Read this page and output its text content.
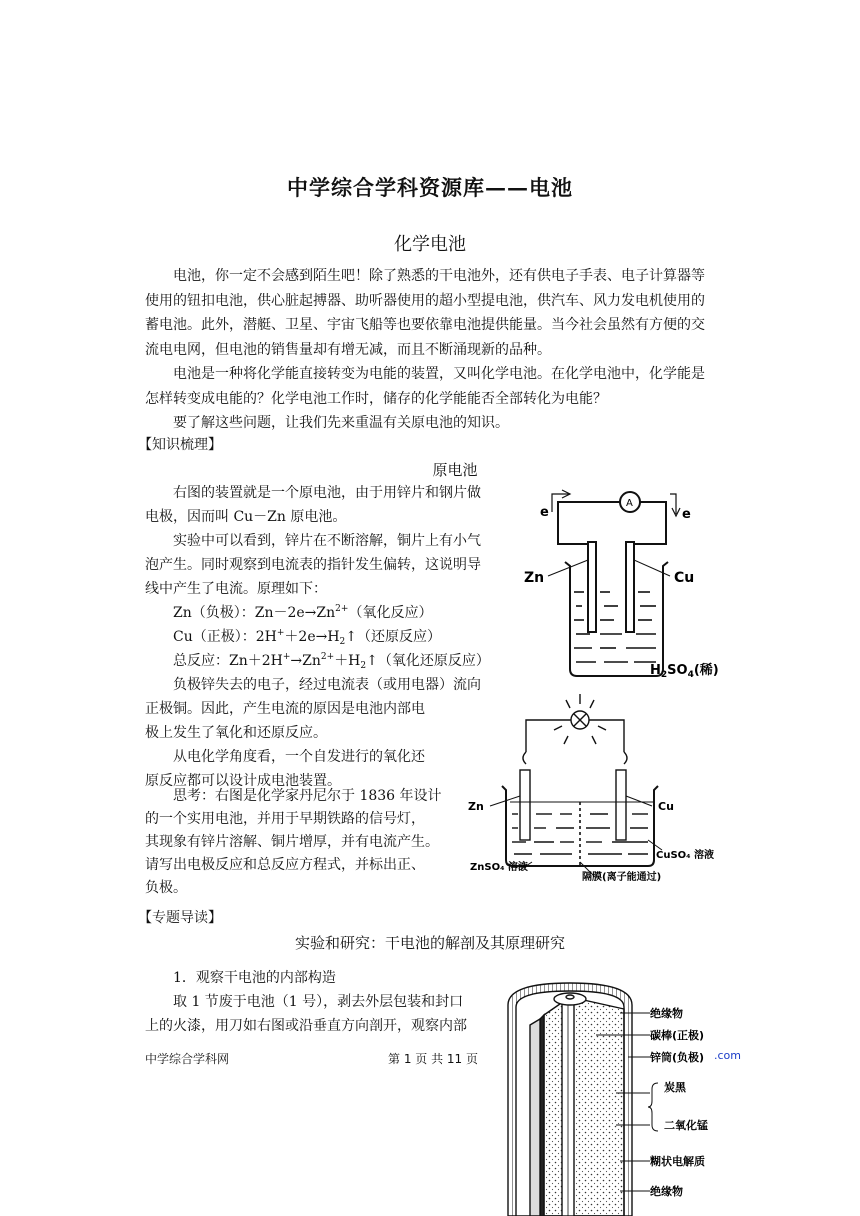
中学综合学科资源库——电池
化学电池

电池，你一定不会感到陌生吧！除了熟悉的干电池外，还有供电子手表、电子计算器等使用的钮扣电池，供心脏起搏器、助听器使用的超小型提电池，供汽车、风力发电机使用的蓄电池。此外，潜艇、卫星、宇宙飞船等也要依靠电池提供能量。当今社会虽然有方便的交流电电网，但电池的销售量却有增无减，而且不断涌现新的品种。

电池是一种将化学能直接转变为电能的装置，又叫化学电池。在化学电池中，化学能是怎样转变成电能的？化学电池工作时，储存的化学能能否全部转化为电能？

要了解这些问题，让我们先来重温有关原电池的知识。

【知识梳理】
原电池
右图的装置就是一个原电池，由于用锌片和钢片做
电极，因而叫 Cu－Zn 原电池。
实验中可以看到，锌片在不断溶解，铜片上有小气
泡产生。同时观察到电流表的指针发生偏转，这说明导
线中产生了电流。原理如下：
Zn（负极）：$Zn-2e\to Zn^{2+}$（氧化反应）
Cu（正极）：$2H^++2e\to H_2↑$（还原反应）
总反应：$Zn+2H^+\to Zn^{2+}+H_2↑$（氧化还原反应）
负极锌失去的电子，经过电流表（或用电器）流向
正极铜。因此，产生电流的原因是电池内部电
极上发生了氧化和还原反应。
从电化学角度看，一个自发进行的氧化还
原反应都可以设计成电池装置。
思考：右图是化学家丹尼尔于 1836 年设计
的一个实用电池，并用于早期铁路的信号灯，
其现象有锌片溶解、铜片增厚，并有电流产生。
请写出电极反应和总反应方程式，并标出正、
负极。
【专题导读】
实验和研究：干电池的解剖及其原理研究
1．观察干电池的内部构造
取 1 节废于电池（1 号），剥去外层包装和封口
上的火漆，用刀如右图或沿垂直方向剖开，观察内部
中学综合学科网	第 1 页 共 11 页	.com
A
e	e
Zn	Cu
$H_2SO_4$(稀)
Zn	Cu
ZnSO₄ 溶液
CuSO₄ 溶液
隔膜(离子能通过)
绝缘物
碳棒(正极)
锌筒(负极)
炭黑
二氧化锰
糊状电解质
绝缘物
